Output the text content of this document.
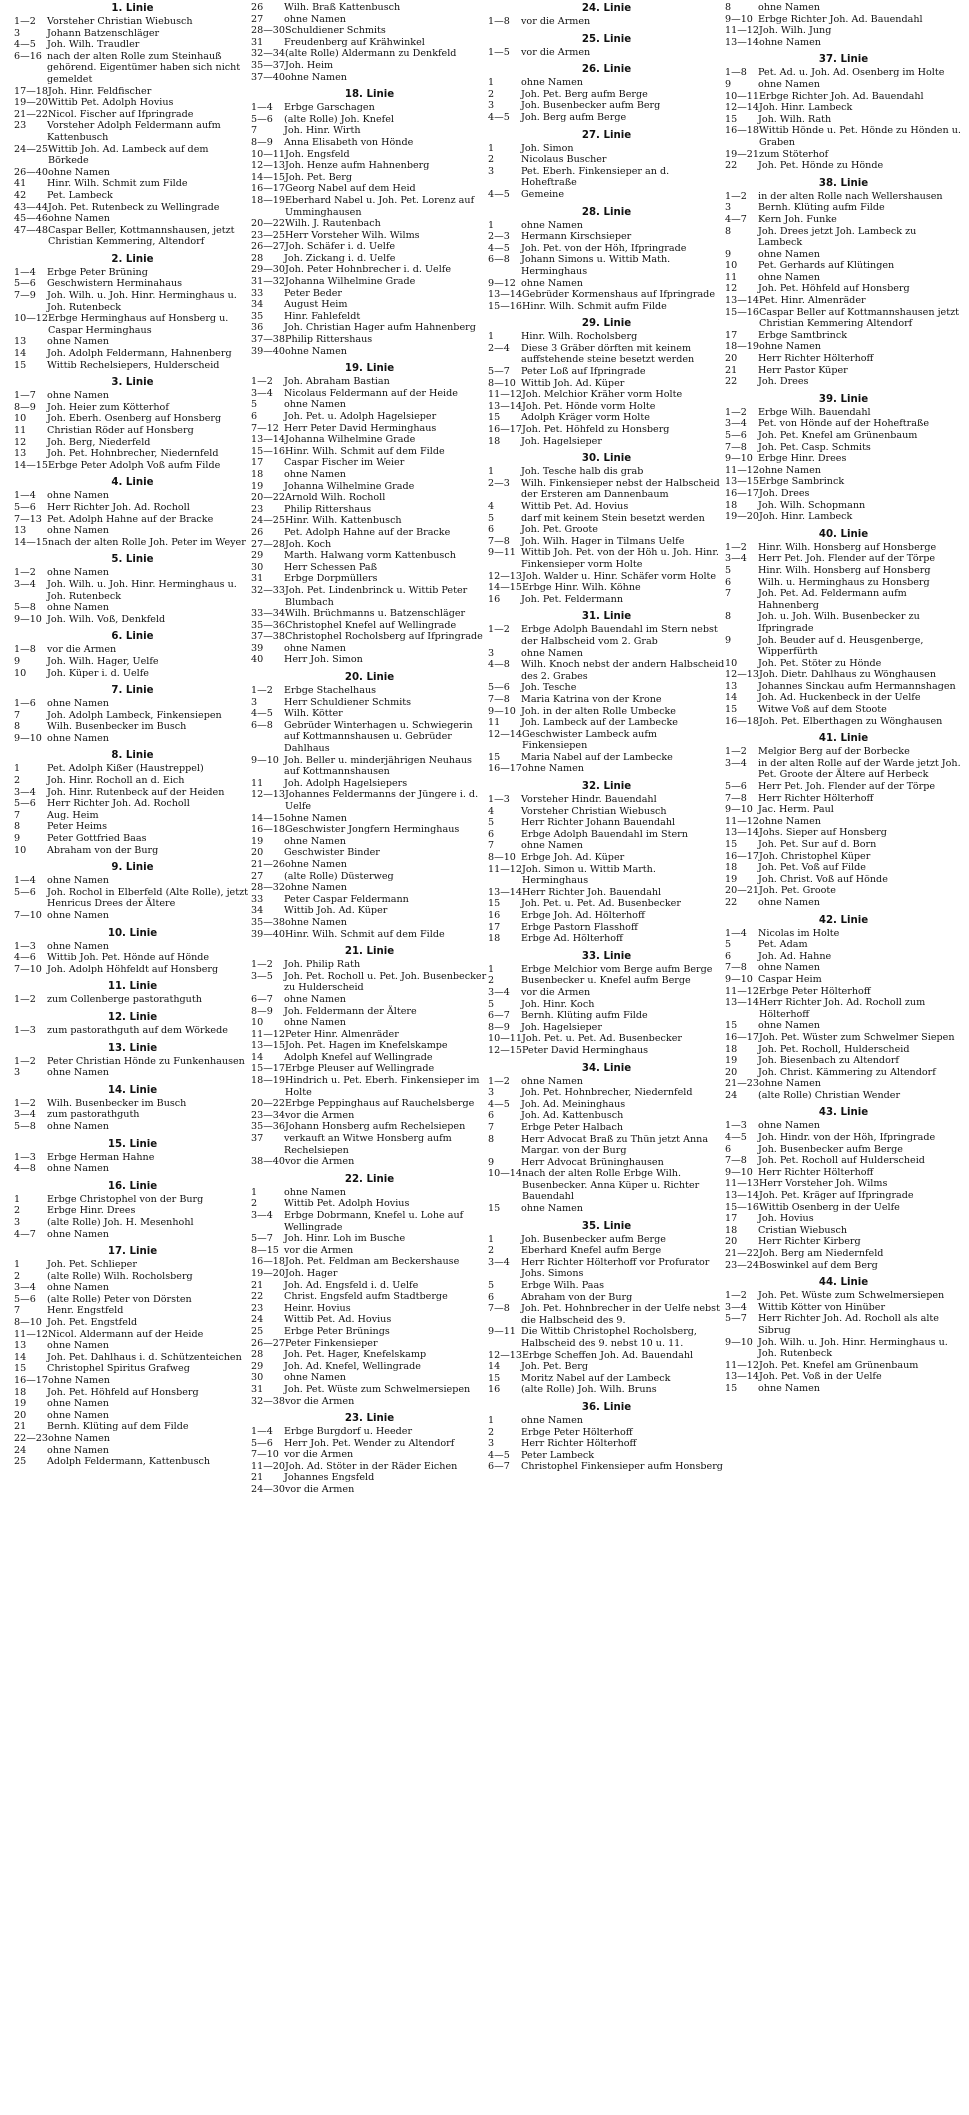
1. Linie
1—2	Vorsteher Christian Wiebusch
3	Johann Batzenschläger
4—5	Joh. Wilh. Traudler
6—16 nach der alten Rolle zum Steinhauß gehörend. Eigentümer haben sich nicht gemeldet
17—18 Joh. Hinr. Feldfischer
19—20 Wittib Pet. Adolph Hovius
21—22 Nicol. Fischer auf Ifpringrade
23	Vorsteher Adolph Feldermann aufm Kattenbusch
24—25 Wittib Joh. Ad. Lambeck auf dem Börkede
26—40 ohne Namen
41	Hinr. Wilh. Schmit zum Filde
42	Pet. Lambeck
43—44 Joh. Pet. Rutenbeck zu Wellingrade
45—46 ohne Namen
47—48 Caspar Beller, Kottmannshausen, jetzt Christian Kemmering, Altendorf
2. Linie
1—4	Erbge Peter Brüning
5—6	Geschwistern Herminahaus
7—9	Joh. Wilh. u. Joh. Hinr. Herminghaus u. Joh. Rutenbeck
10—12 Erbge Herminghaus auf Honsberg u. Caspar Herminghaus
13	ohne Namen
14	Joh. Adolph Feldermann, Hahnenberg
15	Wittib Rechelsiepers, Hulderscheid
3. Linie
1—7	ohne Namen
8—9	Joh. Heier zum Kötterhof
10	Joh. Eberh. Osenberg auf Honsberg
11	Christian Röder auf Honsberg
12	Joh. Berg, Niederfeld
13	Joh. Pet. Hohnbrecher, Niedernfeld
14—15 Erbge Peter Adolph Voß aufm Filde
4. Linie
1—4	ohne Namen
5—6	Herr Richter Joh. Ad. Rocholl
7—13 Pet. Adolph Hahne auf der Bracke
13	ohne Namen
14—15 nach der alten Rolle Joh. Peter im Weyer
5. Linie
1—2	ohne Namen
3—4	Joh. Wilh. u. Joh. Hinr. Herminghaus u. Joh. Rutenbeck
5—8	ohne Namen
9—10 Joh. Wilh. Voß, Denkfeld
6. Linie
1—8	vor die Armen
9	Joh. Wilh. Hager, Uelfe
10	Joh. Küper i. d. Uelfe
7. Linie
1—6	ohne Namen
7	Joh. Adolph Lambeck, Finkensiepen
8	Wilh. Busenbecker im Busch
9—10 ohne Namen
8. Linie
1	Pet. Adolph Kißer (Haustreppel)
2	Joh. Hinr. Rocholl an d. Eich
3—4	Joh. Hinr. Rutenbeck auf der Heiden
5—6	Herr Richter Joh. Ad. Rocholl
7	Aug. Heim
8	Peter Heims
9	Peter Gottfried Baas
10	Abraham von der Burg
9. Linie
1—4	ohne Namen
5—6	Joh. Rochol in Elberfeld (Alte Rolle), jetzt Henricus Drees der Ältere
7—10 ohne Namen
10. Linie
1—3	ohne Namen
4—6	Wittib Joh. Pet. Hönde auf Hönde
7—10 Joh. Adolph Höhfeldt auf Honsberg
11. Linie
1—2	zum Collenberge pastorathguth
12. Linie
1—3	zum pastorathguth auf dem Wörkede
13. Linie
1—2	Peter Christian Hönde zu Funkenhausen
3	ohne Namen
14. Linie
1—2	Wilh. Busenbecker im Busch
3—4	zum pastorathguth
5—8	ohne Namen
15. Linie
1—3	Erbge Herman Hahne
4—8	ohne Namen
16. Linie
1	Erbge Christophel von der Burg
2	Erbge Hinr. Drees
3	(alte Rolle) Joh. H. Mesenhohl
4—7	ohne Namen
17. Linie
1	Joh. Pet. Schlieper
2	(alte Rolle) Wilh. Rocholsberg
3—4	ohne Namen
5—6	(alte Rolle) Peter von Dörsten
7	Henr. Engstfeld
8—10 Joh. Pet. Engstfeld
11—12 Nicol. Aldermann auf der Heide
13	ohne Namen
14	Joh. Pet. Dahlhaus i. d. Schützenteichen
15	Christophel Spiritus Grafweg
16—17 ohne Namen
18	Joh. Pet. Höhfeld auf Honsberg
19	ohne Namen
20	ohne Namen
21	Bernh. Klüting auf dem Filde
22—23 ohne Namen
24	ohne Namen
25	Adolph Feldermann, Kattenbusch
26	Wilh. Braß Kattenbusch
27	ohne Namen
28—30 Schuldiener Schmits
31	Freudenberg auf Krähwinkel
32—34 (alte Rolle) Aldermann zu Denkfeld
35—37 Joh. Heim
37—40 ohne Namen
18. Linie
1—4	Erbge Garschagen
5—6	(alte Rolle) Joh. Knefel
7	Joh. Hinr. Wirth
8—9	Anna Elisabeth von Hönde
10—11 Joh. Engsfeld
12—13 Joh. Henze aufm Hahnenberg
14—15 Joh. Pet. Berg
16—17 Georg Nabel auf dem Heid
18—19 Eberhard Nabel u. Joh. Pet. Lorenz auf Umminghausen
20—22 Wilh. J. Rautenbach
23—25 Herr Vorsteher Wilh. Wilms
26—27 Joh. Schäfer i. d. Uelfe
28	Joh. Zickang i. d. Uelfe
29—30 Joh. Peter Hohnbrecher i. d. Uelfe
31—32 Johanna Wilhelmine Grade
33	Peter Beder
34	August Heim
35	Hinr. Fahlefeldt
36	Joh. Christian Hager aufm Hahnenberg
37—38 Philip Rittershaus
39—40 ohne Namen
19. Linie
1—2	Joh. Abraham Bastian
3—4	Nicolaus Feldermann auf der Heide
5	ohne Namen
6	Joh. Pet. u. Adolph Hagelsieper
7—12 Herr Peter David Herminghaus
13—14 Johanna Wilhelmine Grade
15—16 Hinr. Wilh. Schmit auf dem Filde
17	Caspar Fischer im Weier
18	ohne Namen
19	Johanna Wilhelmine Grade
20—22 Arnold Wilh. Rocholl
23	Philip Rittershaus
24—25 Hinr. Wilh. Kattenbusch
26	Pet. Adolph Hahne auf der Bracke
27—28 Joh. Koch
29	Marth. Halwang vorm Kattenbusch
30	Herr Schessen Paß
31	Erbge Dorpmüllers
32—33 Joh. Pet. Lindenbrinck u. Wittib Peter Blumbach
33—34 Wilh. Brüchmanns u. Batzenschläger
35—36 Christophel Knefel auf Wellingrade
37—38 Christophel Rocholsberg auf Ifpringrade
39	ohne Namen
40	Herr Joh. Simon
20. Linie
1—2	Erbge Stachelhaus
3	Herr Schuldiener Schmits
4—5	Wilh. Kötter
6—8	Gebrüder Winterhagen u. Schwiegerin auf Kottmannshausen u. Gebrüder Dahlhaus
9—10 Joh. Beller u. minderjährigen Neuhaus auf Kottmannshausen
11	Joh. Adolph Hagelsiepers
12—13 Johannes Feldermanns der Jüngere i. d. Uelfe
14—15 ohne Namen
16—18 Geschwister Jongfern Herminghaus
19	ohne Namen
20	Geschwister Binder
21—26 ohne Namen
27	(alte Rolle) Düsterweg
28—32 ohne Namen
33	Peter Caspar Feldermann
34	Wittib Joh. Ad. Küper
35—38 ohne Namen
39—40 Hinr. Wilh. Schmit auf dem Filde
21. Linie
1—2	Joh. Philip Rath
3—5	Joh. Pet. Rocholl u. Pet. Joh. Busenbecker zu Hulderscheid
6—7	ohne Namen
8—9	Joh. Feldermann der Ältere
10	ohne Namen
11—12 Peter Hinr. Almenräder
13—15 Joh. Pet. Hagen im Knefelskampe
14	Adolph Knefel auf Wellingrade
15—17 Erbge Pleuser auf Wellingrade
18—19 Hindrich u. Pet. Eberh. Finkensieper im Holte
20—22 Erbge Peppinghaus auf Rauchelsberge
23—34 vor die Armen
35—36 Johann Honsberg aufm Rechelsiepen
37	verkauft an Witwe Honsberg aufm Rechelsiepen
38—40 vor die Armen
22. Linie
1	ohne Namen
2	Wittib Pet. Adolph Hovius
3—4	Erbge Dobrmann, Knefel u. Lohe auf Wellingrade
5—7	Joh. Hinr. Loh im Busche
8—15 vor die Armen
16—18 Joh. Pet. Feldman am Beckershause
19—20 Joh. Hager
21	Joh. Ad. Engsfeld i. d. Uelfe
22	Christ. Engsfeld aufm Stadtberge
23	Heinr. Hovius
24	Wittib Pet. Ad. Hovius
25	Erbge Peter Brünings
26—27 Peter Finkensieper
28	Joh. Pet. Hager, Knefelskamp
29	Joh. Ad. Knefel, Wellingrade
30	ohne Namen
31	Joh. Pet. Wüste zum Schwelmersiepen
32—38 vor die Armen
23. Linie
1—4	Erbge Burgdorf u. Heeder
5—6	Herr Joh. Pet. Wender zu Altendorf
7—10 vor die Armen
11—20 Joh. Ad. Stöter in der Räder Eichen
21	Johannes Engsfeld
24—30 vor die Armen
24. Linie
1—8	vor die Armen
25. Linie
1—5	vor die Armen
26. Linie
1	ohne Namen
2	Joh. Pet. Berg aufm Berge
3	Joh. Busenbecker aufm Berg
4—5	Joh. Berg aufm Berge
27. Linie
1	Joh. Simon
2	Nicolaus Buscher
3	Pet. Eberh. Finkensieper an d. Hoheftraße
4—5	Gemeine
28. Linie
1	ohne Namen
2—3	Hermann Kirschsieper
4—5	Joh. Pet. von der Höh, Ifpringrade
6—8	Johann Simons u. Wittib Math. Herminghaus
9—12 ohne Namen
13—14 Gebrüder Kormenshaus auf Ifpringrade
15—16 Hinr. Wilh. Schmit aufm Filde
29. Linie
1	Hinr. Wilh. Rocholsberg
2—4	Diese 3 Gräber dörften mit keinem auffstehende steine besetzt werden
5—7	Peter Loß auf Ifpringrade
8—10 Wittib Joh. Ad. Küper
11—12 Joh. Melchior Kräher vorm Holte
13—14 Joh. Pet. Hönde vorm Holte
15	Adolph Kräger vorm Holte
16—17 Joh. Pet. Höhfeld zu Honsberg
18	Joh. Hagelsieper
30. Linie
1	Joh. Tesche halb dis grab
2—3	Wilh. Finkensieper nebst der Halbscheid der Ersteren am Dannenbaum
4	Wittib Pet. Ad. Hovius
5	darf mit keinem Stein besetzt werden
6	Joh. Pet. Groote
7—8	Joh. Wilh. Hager in Tilmans Uelfe
9—11 Wittib Joh. Pet. von der Höh u. Joh. Hinr. Finkensieper vorm Holte
12—13 Joh. Walder u. Hinr. Schäfer vorm Holte
14—15 Erbge Hinr. Wilh. Köhne
16	Joh. Pet. Feldermann
31. Linie
1—2	Erbge Adolph Bauendahl im Stern nebst der Halbscheid vom 2. Grab
3	ohne Namen
4—8	Wilh. Knoch nebst der andern Halbscheid des 2. Grabes
5—6	Joh. Tesche
7—8	Maria Katrina von der Krone
9—10 Joh. in der alten Rolle Umbecke
11	Joh. Lambeck auf der Lambecke
12—14 Geschwister Lambeck aufm Finkensiepen
15	Maria Nabel auf der Lambecke
16—17 ohne Namen
32. Linie
1—3	Vorsteher Hindr. Bauendahl
4	Vorsteher Christian Wiebusch
5	Herr Richter Johann Bauendahl
6	Erbge Adolph Bauendahl im Stern
7	ohne Namen
8—10 Erbge Joh. Ad. Küper
11—12 Joh. Simon u. Wittib Marth. Herminghaus
13—14 Herr Richter Joh. Bauendahl
15	Joh. Pet. u. Pet. Ad. Busenbecker
16	Erbge Joh. Ad. Hölterhoff
17	Erbge Pastorn Flasshoff
18	Erbge Ad. Hölterhoff
33. Linie
1	Erbge Melchior vom Berge aufm Berge
2	Busenbecker u. Knefel aufm Berge
3—4	vor die Armen
5	Joh. Hinr. Koch
6—7	Bernh. Klüting aufm Filde
8—9	Joh. Hagelsieper
10—11 Joh. Pet. u. Pet. Ad. Busenbecker
12—15 Peter David Herminghaus
34. Linie
1—2	ohne Namen
3	Joh. Pet. Hohnbrecher, Niedernfeld
4—5	Joh. Ad. Meininghaus
6	Joh. Ad. Kattenbusch
7	Erbge Peter Halbach
8	Herr Advocat Braß zu Thün jetzt Anna Margar. von der Burg
9	Herr Advocat Brüninghausen
10—14 nach der alten Rolle Erbge Wilh. Busenbecker. Anna Küper u. Richter Bauendahl
15	ohne Namen
35. Linie
1	Joh. Busenbecker aufm Berge
2	Eberhard Knefel aufm Berge
3—4	Herr Richter Hölterhoff vor Profurator Johs. Simons
5	Erbge Wilh. Paas
6	Abraham von der Burg
7—8	Joh. Pet. Hohnbrecher in der Uelfe nebst die Halbscheid des 9.
9—11 Die Wittib Christophel Rocholsberg, Halbscheid des 9. nebst 10 u. 11.
12—13 Erbge Scheffen Joh. Ad. Bauendahl
14	Joh. Pet. Berg
15	Moritz Nabel auf der Lambeck
16	(alte Rolle) Joh. Wilh. Bruns
36. Linie
1	ohne Namen
2	Erbge Peter Hölterhoff
3	Herr Richter Hölterhoff
4—5	Peter Lambeck
6—7	Christophel Finkensieper aufm Honsberg
8	ohne Namen
9—10 Erbge Richter Joh. Ad. Bauendahl
11—12 Joh. Wilh. Jung
13—14 ohne Namen
37. Linie
1—8	Pet. Ad. u. Joh. Ad. Osenberg im Holte
9	ohne Namen
10—11 Erbge Richter Joh. Ad. Bauendahl
12—14 Joh. Hinr. Lambeck
15	Joh. Wilh. Rath
16—18 Wittib Hönde u. Pet. Hönde zu Hönden u. Graben
19—21 zum Stöterhof
22	Joh. Pet. Hönde zu Hönde
38. Linie
1—2	in der alten Rolle nach Wellershausen
3	Bernh. Klüting aufm Filde
4—7	Kern Joh. Funke
8	Joh. Drees jetzt Joh. Lambeck zu Lambeck
9	ohne Namen
10	Pet. Gerhards auf Klütingen
11	ohne Namen
12	Joh. Pet. Höhfeld auf Honsberg
13—14 Pet. Hinr. Almenräder
15—16 Caspar Beller auf Kottmannshausen jetzt Christian Kemmering Altendorf
17	Erbge Samtbrinck
18—19 ohne Namen
20	Herr Richter Hölterhoff
21	Herr Pastor Küper
22	Joh. Drees
39. Linie
1—2	Erbge Wilh. Bauendahl
3—4	Pet. von Hönde auf der Hoheftraße
5—6	Joh. Pet. Knefel am Grünenbaum
7—8	Joh. Pet. Casp. Schmits
9—10 Erbge Hinr. Drees
11—12 ohne Namen
13—15 Erbge Sambrinck
16—17 Joh. Drees
18	Joh. Wilh. Schopmann
19—20 Joh. Hinr. Lambeck
40. Linie
1—2	Hinr. Wilh. Honsberg auf Honsberge
3—4	Herr Pet. Joh. Flender auf der Törpe
5	Hinr. Wilh. Honsberg auf Honsberg
6	Wilh. u. Herminghaus zu Honsberg
7	Joh. Pet. Ad. Feldermann aufm Hahnenberg
8	Joh. u. Joh. Wilh. Busenbecker zu Ifpringrade
9	Joh. Beuder auf d. Heusgenberge, Wipperfürth
10	Joh. Pet. Stöter zu Hönde
12—13 Joh. Dietr. Dahlhaus zu Wönghausen
13	Johannes Sinckau aufm Hermannshagen
14	Joh. Ad. Huckenbeck in der Uelfe
15	Witwe Voß auf dem Stoote
16—18 Joh. Pet. Elberthagen zu Wönghausen
41. Linie
1—2	Melgior Berg auf der Borbecke
3—4	in der alten Rolle auf der Warde jetzt Joh. Pet. Groote der Ältere auf Herbeck
5—6	Herr Pet. Joh. Flender auf der Törpe
7—8	Herr Richter Hölterhoff
9—10 Jac. Herm. Paul
11—12 ohne Namen
13—14 Johs. Sieper auf Honsberg
15	Joh. Pet. Sur auf d. Born
16—17 Joh. Christophel Küper
18	Joh. Pet. Voß auf Filde
19	Joh. Christ. Voß auf Hönde
20—21 Joh. Pet. Groote
22	ohne Namen
42. Linie
1—4	Nicolas im Holte
5	Pet. Adam
6	Joh. Ad. Hahne
7—8	ohne Namen
9—10 Caspar Heim
11—12 Erbge Peter Hölterhoff
13—14 Herr Richter Joh. Ad. Rocholl zum Hölterhoff
15	ohne Namen
16—17 Joh. Pet. Wüster zum Schwelmer Siepen
18	Joh. Pet. Rocholl, Hulderscheid
19	Joh. Biesenbach zu Altendorf
20	Joh. Christ. Kämmering zu Altendorf
21—23 ohne Namen
24	(alte Rolle) Christian Wender
43. Linie
1—3	ohne Namen
4—5	Joh. Hindr. von der Höh, Ifpringrade
6	Joh. Busenbecker aufm Berge
7—8	Joh. Pet. Rocholl auf Hulderscheid
9—10 Herr Richter Hölterhoff
11—13 Herr Vorsteher Joh. Wilms
13—14 Joh. Pet. Kräger auf Ifpringrade
15—16 Wittib Osenberg in der Uelfe
17	Joh. Hovius
18	Cristian Wiebusch
20	Herr Richter Kirberg
21—22 Joh. Berg am Niedernfeld
23—24 Boswinkel auf dem Berg
44. Linie
1—2	Joh. Pet. Wüste zum Schwelmersiepen
3—4	Wittib Kötter von Hinüber
5—7	Herr Richter Joh. Ad. Rocholl als alte Sibrug
9—10 Joh. Wilh. u. Joh. Hinr. Herminghaus u. Joh. Rutenbeck
11—12 Joh. Pet. Knefel am Grünenbaum
13—14 Joh. Pet. Voß in der Uelfe
15	ohne Namen
